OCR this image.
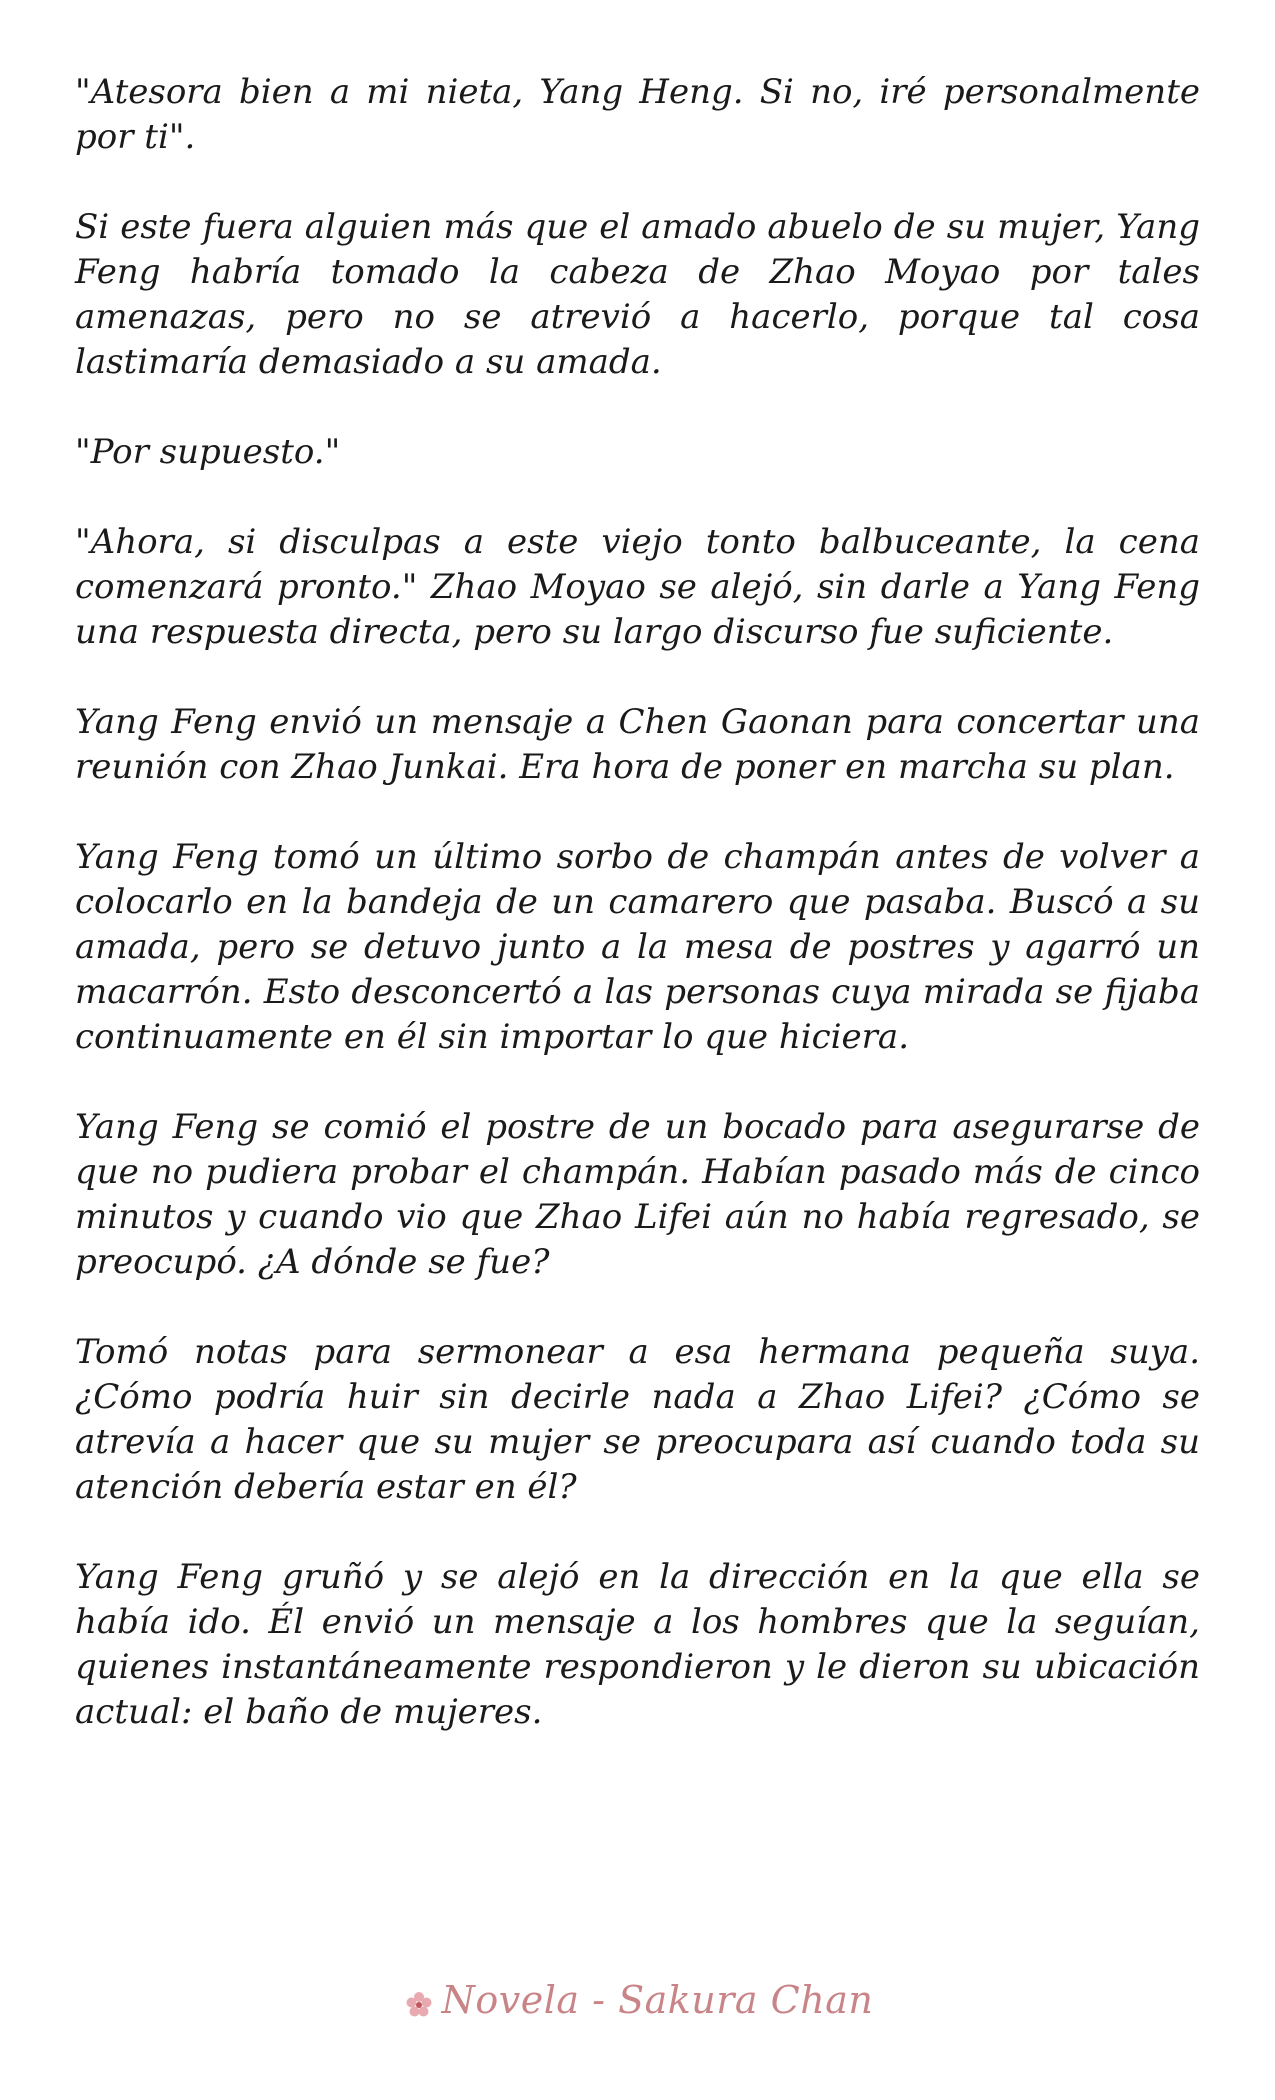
"Atesora bien a mi nieta, Yang Heng. Si no, iré personalmente por ti".

Si este fuera alguien más que el amado abuelo de su mujer, Yang Feng habría tomado la cabeza de Zhao Moyao por tales amenazas, pero no se atrevió a hacerlo, porque tal cosa lastimaría demasiado a su amada.

"Por supuesto."

"Ahora, si disculpas a este viejo tonto balbuceante, la cena comenzará pronto." Zhao Moyao se alejó, sin darle a Yang Feng una respuesta directa, pero su largo discurso fue suficiente.

Yang Feng envió un mensaje a Chen Gaonan para concertar una reunión con Zhao Junkai. Era hora de poner en marcha su plan.

Yang Feng tomó un último sorbo de champán antes de volver a colocarlo en la bandeja de un camarero que pasaba. Buscó a su amada, pero se detuvo junto a la mesa de postres y agarró un macarrón. Esto desconcertó a las personas cuya mirada se fijaba continuamente en él sin importar lo que hiciera.

Yang Feng se comió el postre de un bocado para asegurarse de que no pudiera probar el champán. Habían pasado más de cinco minutos y cuando vio que Zhao Lifei aún no había regresado, se preocupó. ¿A dónde se fue?

Tomó notas para sermonear a esa hermana pequeña suya. ¿Cómo podría huir sin decirle nada a Zhao Lifei? ¿Cómo se atrevía a hacer que su mujer se preocupara así cuando toda su atención debería estar en él?

Yang Feng gruñó y se alejó en la dirección en la que ella se había ido. Él envió un mensaje a los hombres que la seguían, quienes instantáneamente respondieron y le dieron su ubicación actual: el baño de mujeres.

Novela - Sakura Chan
